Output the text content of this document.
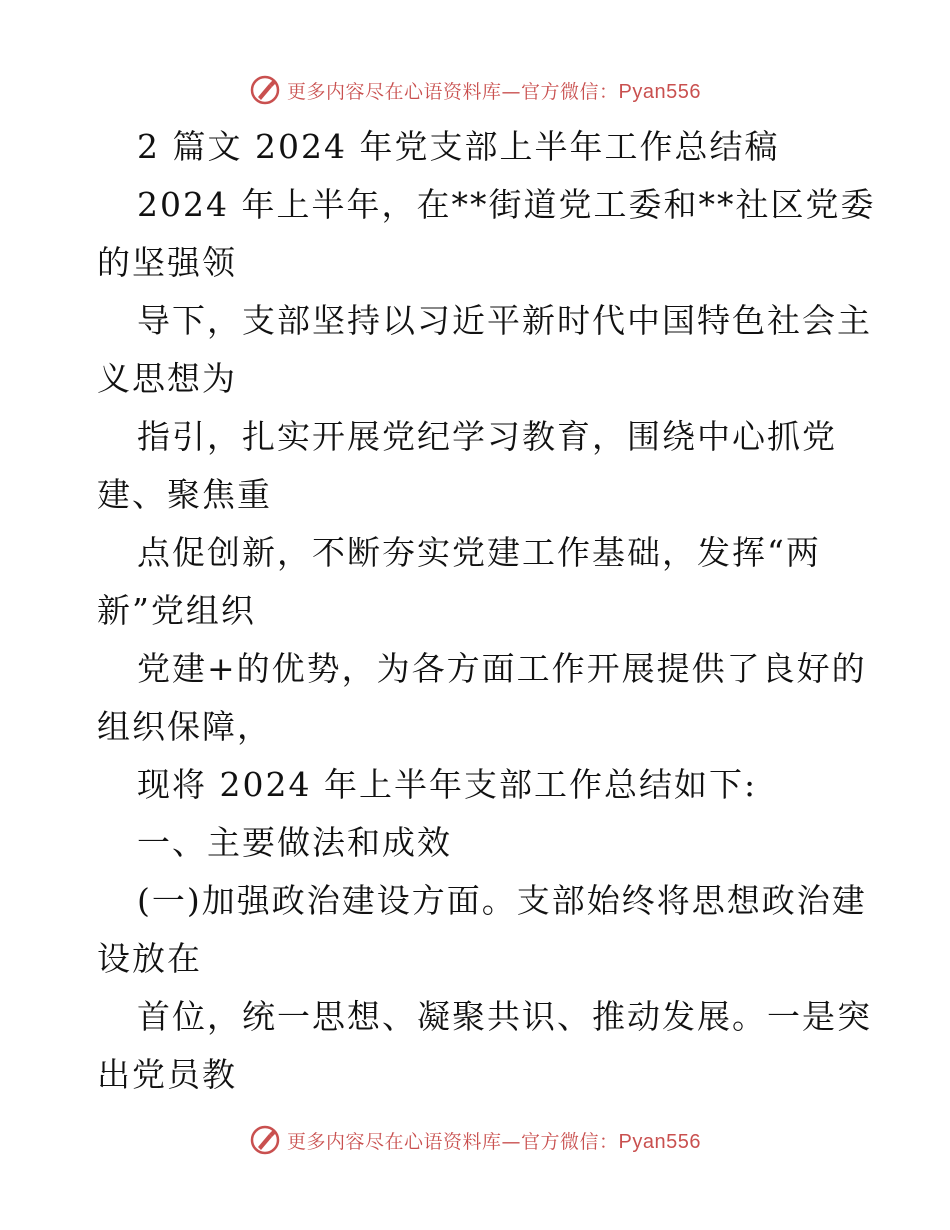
更多内容尽在心语资料库—官方微信：Pyan556
2 篇文 2024 年党支部上半年工作总结稿
2024 年上半年，在**街道党工委和**社区党委
的坚强领
导下，支部坚持以习近平新时代中国特色社会主
义思想为
指引，扎实开展党纪学习教育，围绕中心抓党
建、聚焦重
点促创新，不断夯实党建工作基础，发挥“两
新”党组织
党建+的优势，为各方面工作开展提供了良好的
组织保障，
现将 2024 年上半年支部工作总结如下:
一、主要做法和成效
(一)加强政治建设方面。支部始终将思想政治建
设放在
首位，统一思想、凝聚共识、推动发展。一是突
出党员教
更多内容尽在心语资料库—官方微信：Pyan556
